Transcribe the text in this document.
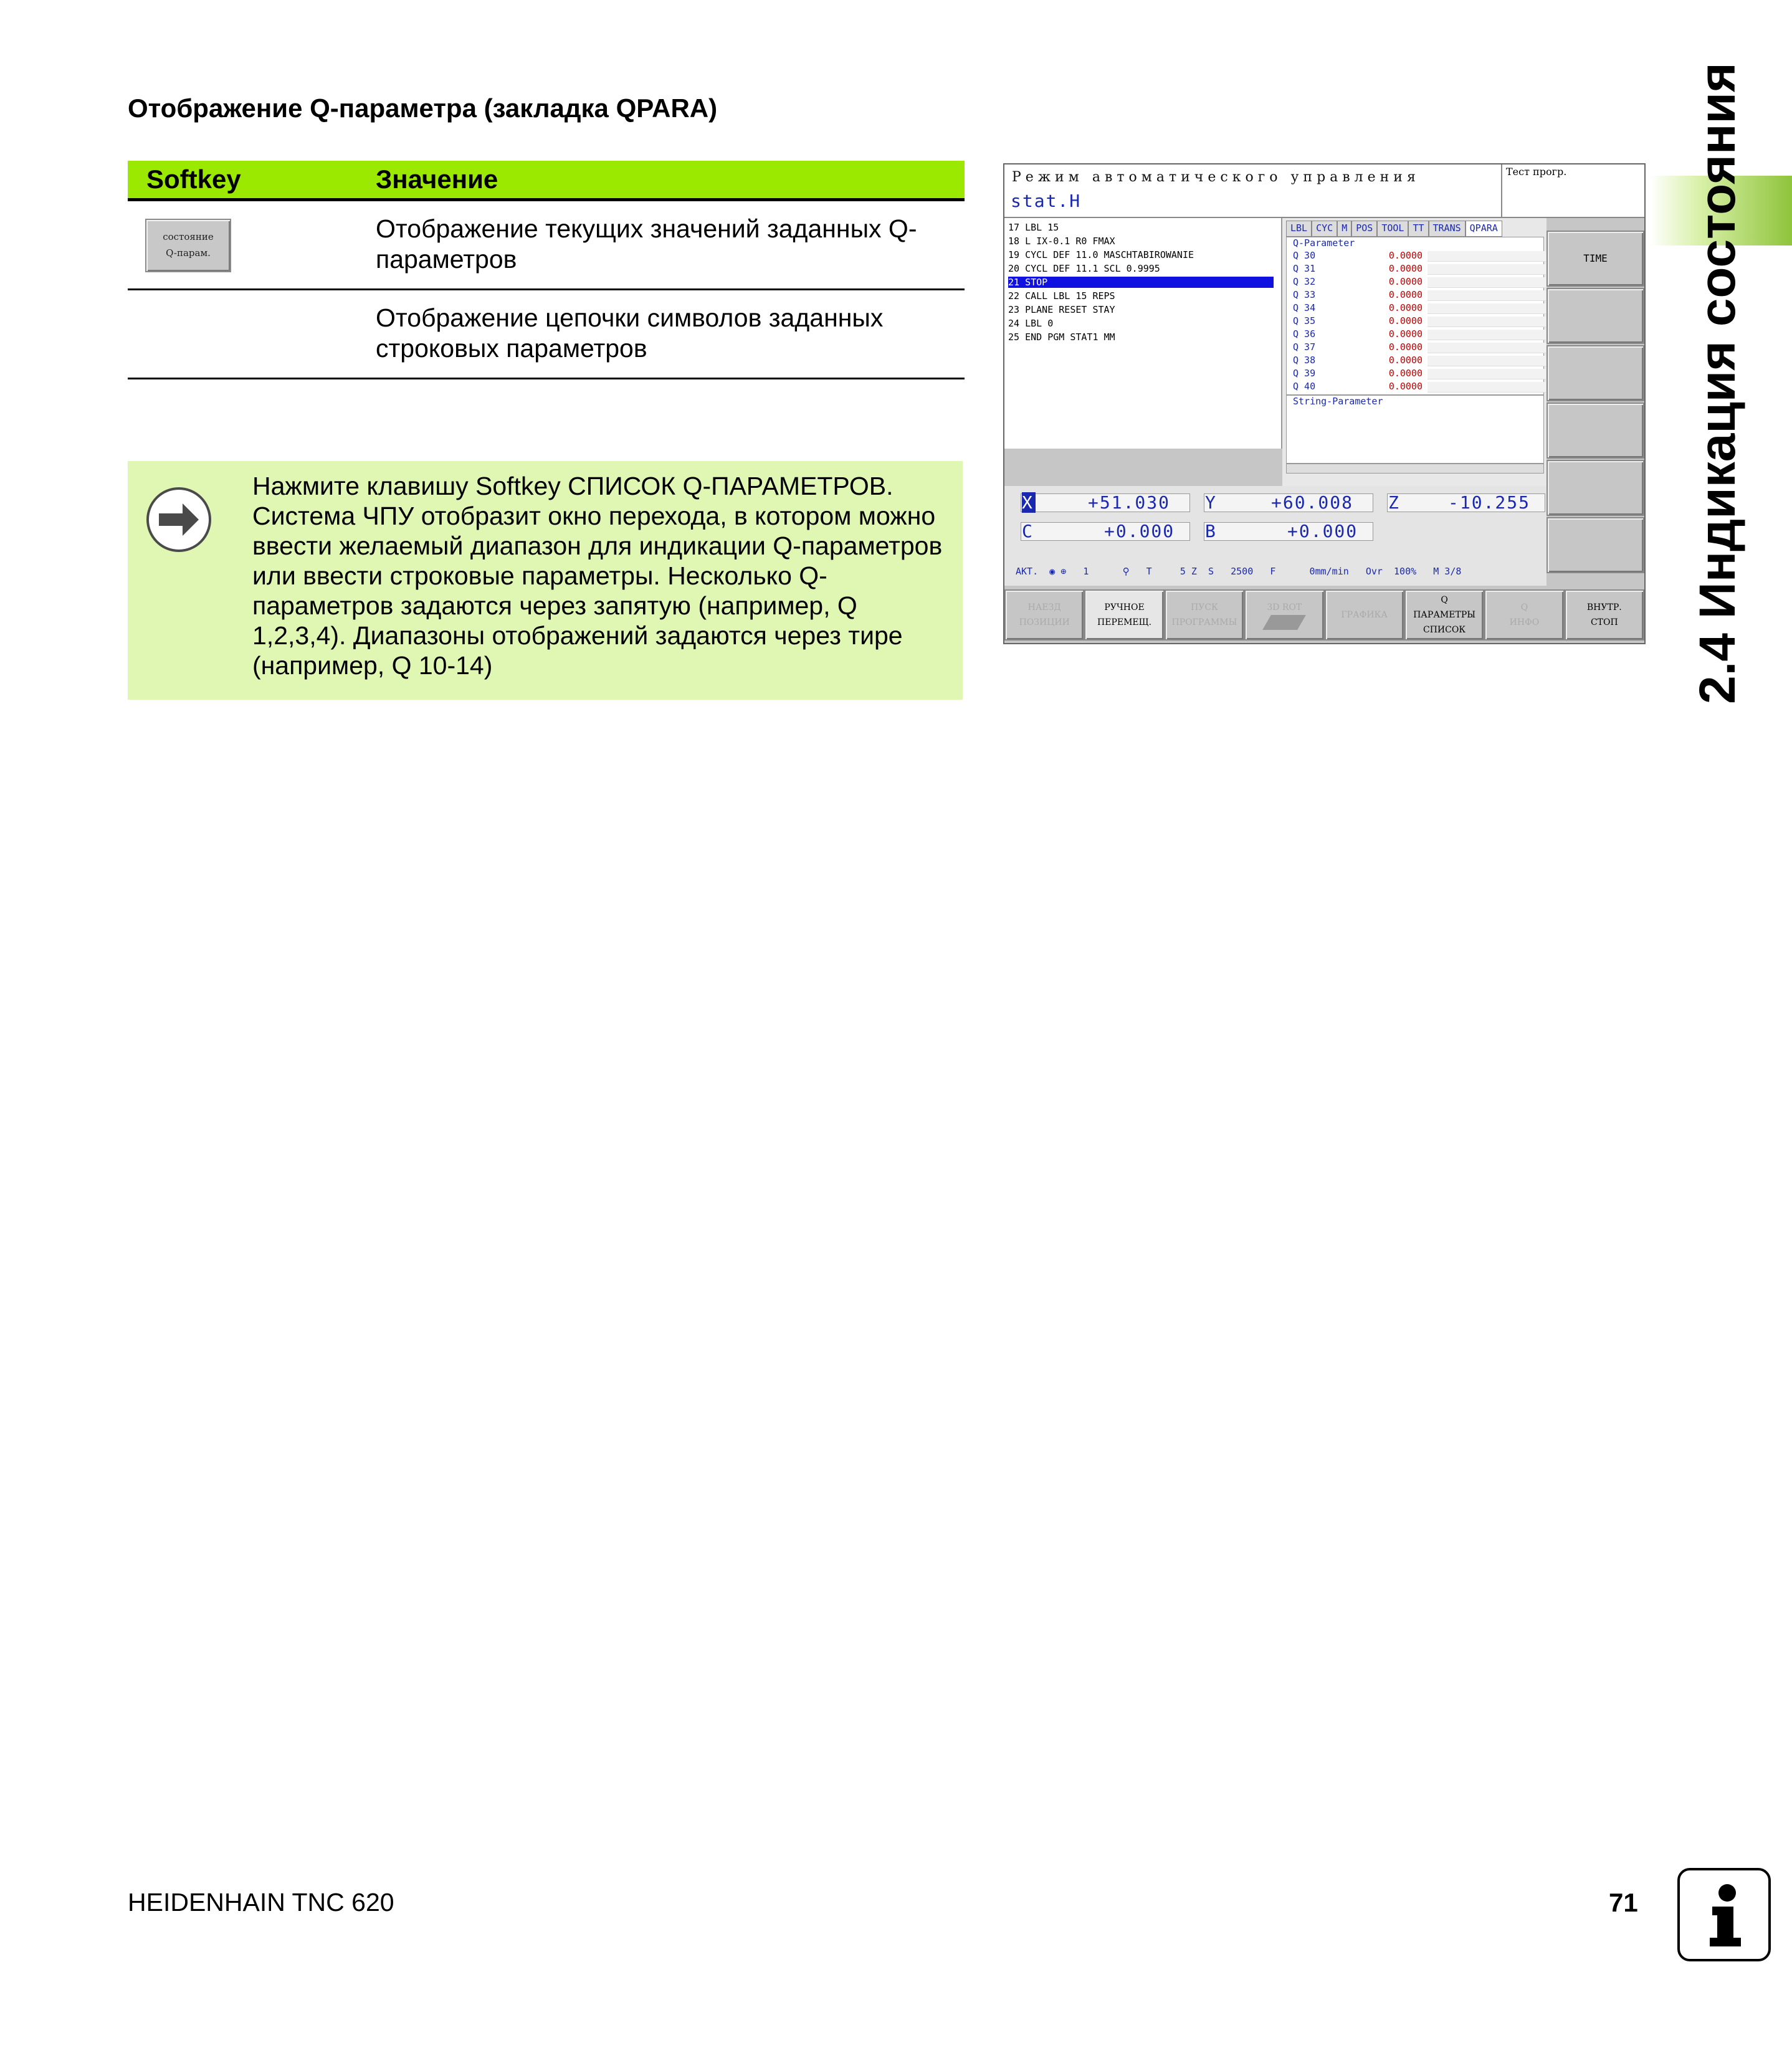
Отображение Q-параметра (закладка QPARA)
Softkey	Значение
состояние
Q-парам.
Отображение текущих значений заданных Q-параметров
Отображение цепочки символов заданных строковых параметров
Нажмите клавишу Softkey СПИСОК Q-ПАРАМЕТРОВ. Система ЧПУ отобразит окно перехода, в котором можно ввести желаемый диапазон для индикации Q-параметров или ввести строковые параметры. Несколько Q-параметров задаются через запятую (например, Q 1,2,3,4). Диапазоны отображений задаются через тире (например, Q 10-14)	2.4 Индикация состояния
Режим автоматического управления
stat.H
Тест прогр.
17 LBL 15
18 L IX-0.1 R0 FMAX
19 CYCL DEF 11.0 MASCHTABIROWANIE
20 CYCL DEF 11.1 SCL 0.9995
21 STOP
22 CALL LBL 15 REPS
23 PLANE RESET STAY
24 LBL 0
25 END PGM STAT1 MM
LBL CYC M POS TOOL TT TRANS QPARA
Q-Parameter
Q 30	0.0000
Q 31	0.0000
Q 32	0.0000
Q 33	0.0000
Q 34	0.0000
Q 35	0.0000
Q 36	0.0000
Q 37	0.0000
Q 38	0.0000
Q 39	0.0000
Q 40	0.0000
String-Parameter
X	+51.030 Y	+60.008 Z	-10.255
C	+0.000 B	+0.000
АКТ.  ◉ ⊕   1      ⚲   T     5 Z  S   2500   F      0mm/min   Ovr  100%   M 3/8
TIME
НАЕЗД
ПОЗИЦИИ
РУЧНОЕ
ПЕРЕМЕЩ.
ПУСК
ПРОГРАММЫ
3D ROT
ГРАФИКА
Q
ПАРАМЕТРЫ
СПИСОК
Q
ИНФО
ВНУТР.
СТОП
HEIDENHAIN TNC 620	71
